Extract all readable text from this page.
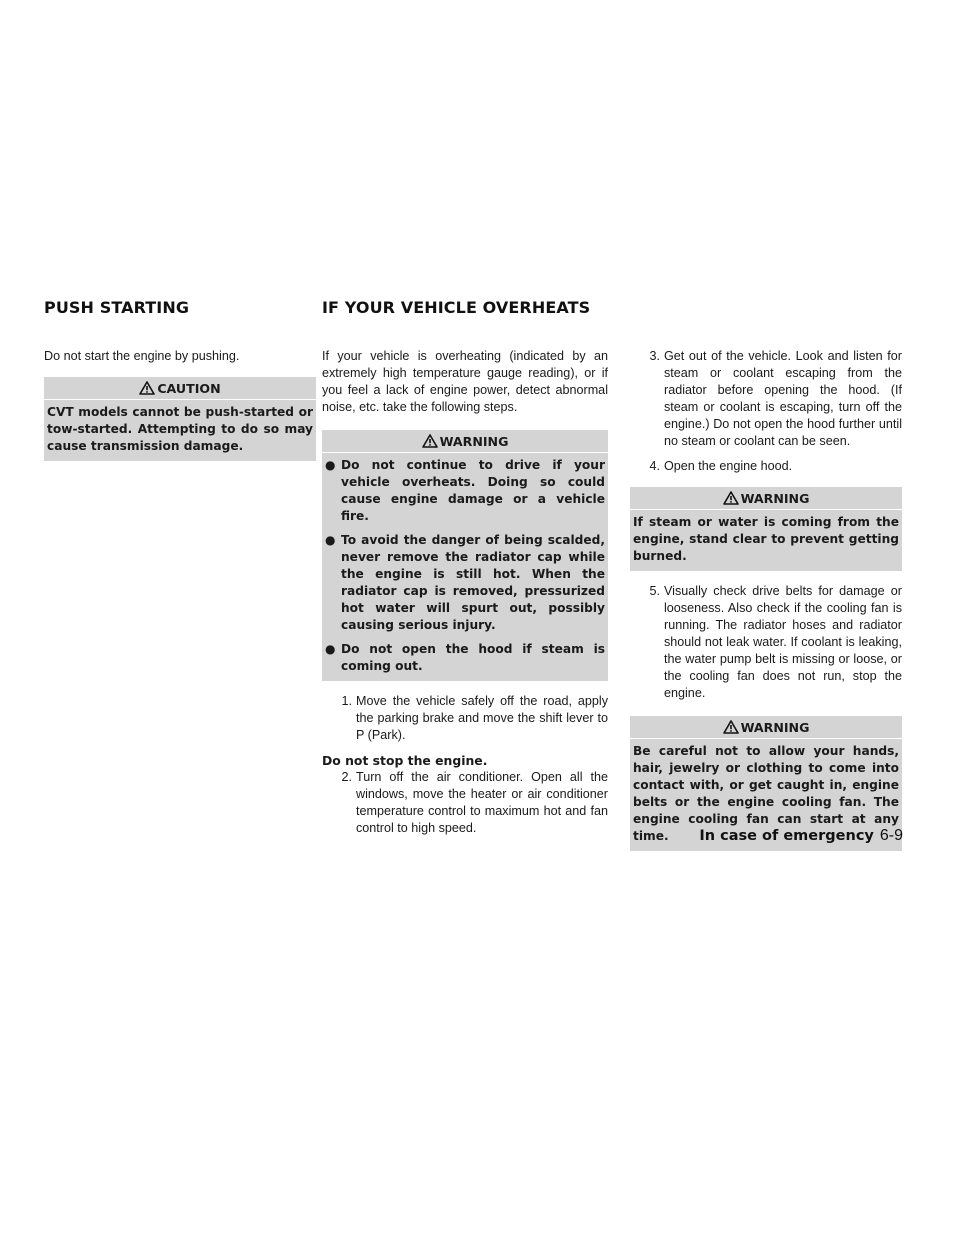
PUSH STARTING	IF YOUR VEHICLE OVERHEATS

Do not start the engine by pushing.

CAUTION
CVT models cannot be push-started or tow-started. Attempting to do so may cause transmission damage.

If your vehicle is overheating (indicated by an extremely high temperature gauge reading), or if you feel a lack of engine power, detect abnormal noise, etc. take the following steps.

WARNING
● Do not continue to drive if your vehicle overheats. Doing so could cause engine damage or a vehicle fire.
● To avoid the danger of being scalded, never remove the radiator cap while the engine is still hot. When the radiator cap is removed, pressurized hot water will spurt out, possibly causing serious injury.
● Do not open the hood if steam is coming out.
1. Move the vehicle safely off the road, apply the parking brake and move the shift lever to P (Park).

Do not stop the engine.

2. Turn off the air conditioner. Open all the windows, move the heater or air conditioner temperature control to maximum hot and fan control to high speed.
3. Get out of the vehicle. Look and listen for steam or coolant escaping from the radiator before opening the hood. (If steam or coolant is escaping, turn off the engine.) Do not open the hood further until no steam or coolant can be seen.
4. Open the engine hood.
WARNING
If steam or water is coming from the engine, stand clear to prevent getting burned.
5. Visually check drive belts for damage or looseness. Also check if the cooling fan is running. The radiator hoses and radiator should not leak water. If coolant is leaking, the water pump belt is missing or loose, or the cooling fan does not run, stop the engine.
WARNING
Be careful not to allow your hands, hair, jewelry or clothing to come into contact with, or get caught in, engine belts or the engine cooling fan. The engine cooling fan can start at any time.	In case of emergency 6-9
